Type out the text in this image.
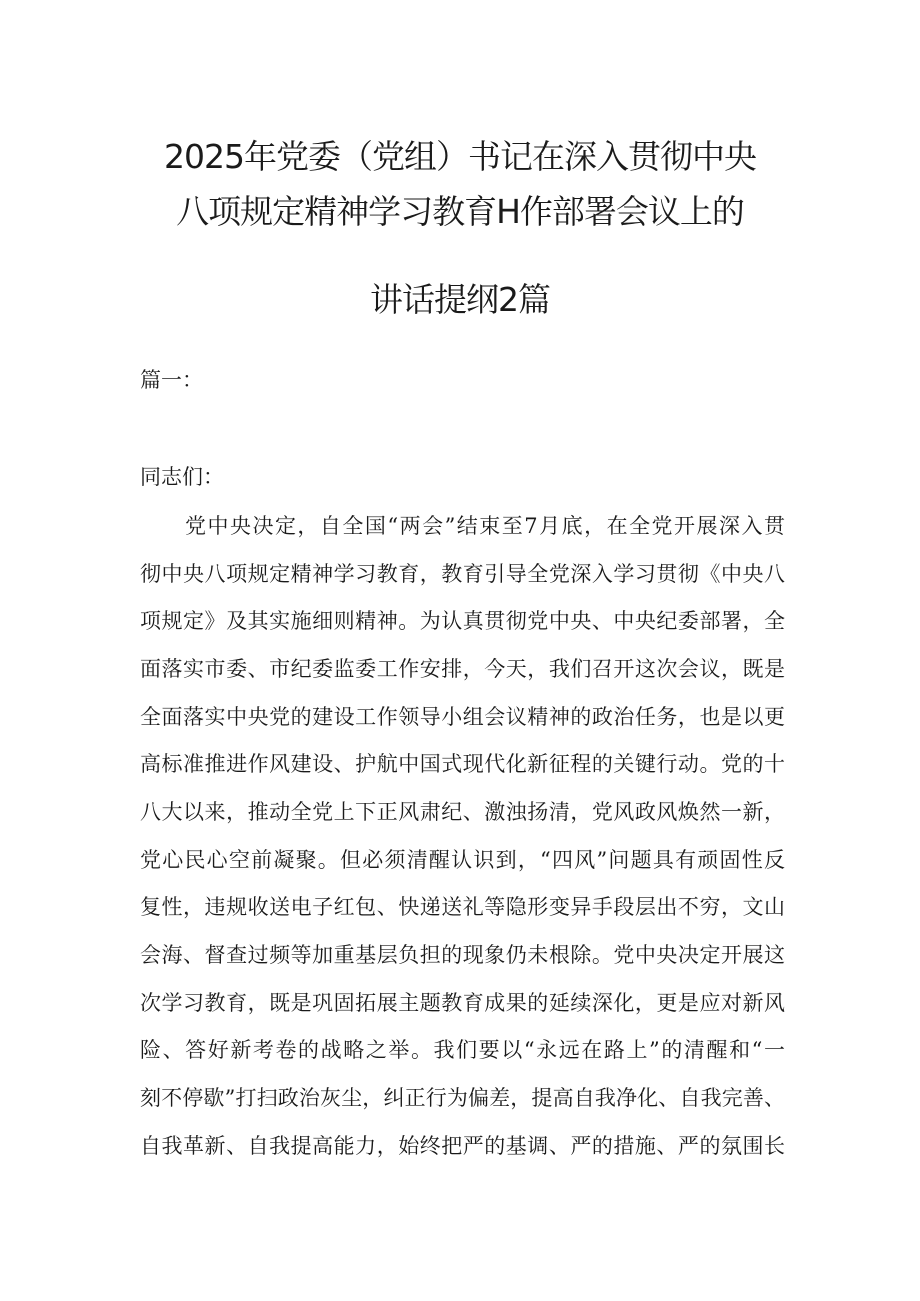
2025年党委（党组）书记在深入贯彻中央
八项规定精神学习教育H作部署会议上的
讲话提纲2篇
篇一：
同志们：
党中央决定，自全国“两会”结束至7月底，在全党开展深入贯
彻中央八项规定精神学习教育，教育引导全党深入学习贯彻《中央八
项规定》及其实施细则精神。为认真贯彻党中央、中央纪委部署，全
面落实市委、市纪委监委工作安排，今天，我们召开这次会议，既是
全面落实中央党的建设工作领导小组会议精神的政治任务，也是以更
高标准推进作风建设、护航中国式现代化新征程的关键行动。党的十
八大以来，推动全党上下正风肃纪、激浊扬清，党风政风焕然一新，
党心民心空前凝聚。但必须清醒认识到，“四风”问题具有顽固性反
复性，违规收送电子红包、快递送礼等隐形变异手段层出不穷，文山
会海、督查过频等加重基层负担的现象仍未根除。党中央决定开展这
次学习教育，既是巩固拓展主题教育成果的延续深化，更是应对新风
险、答好新考卷的战略之举。我们要以“永远在路上”的清醒和“一
刻不停歇”打扫政治灰尘，纠正行为偏差，提高自我净化、自我完善、
自我革新、自我提高能力，始终把严的基调、严的措施、严的氛围长
